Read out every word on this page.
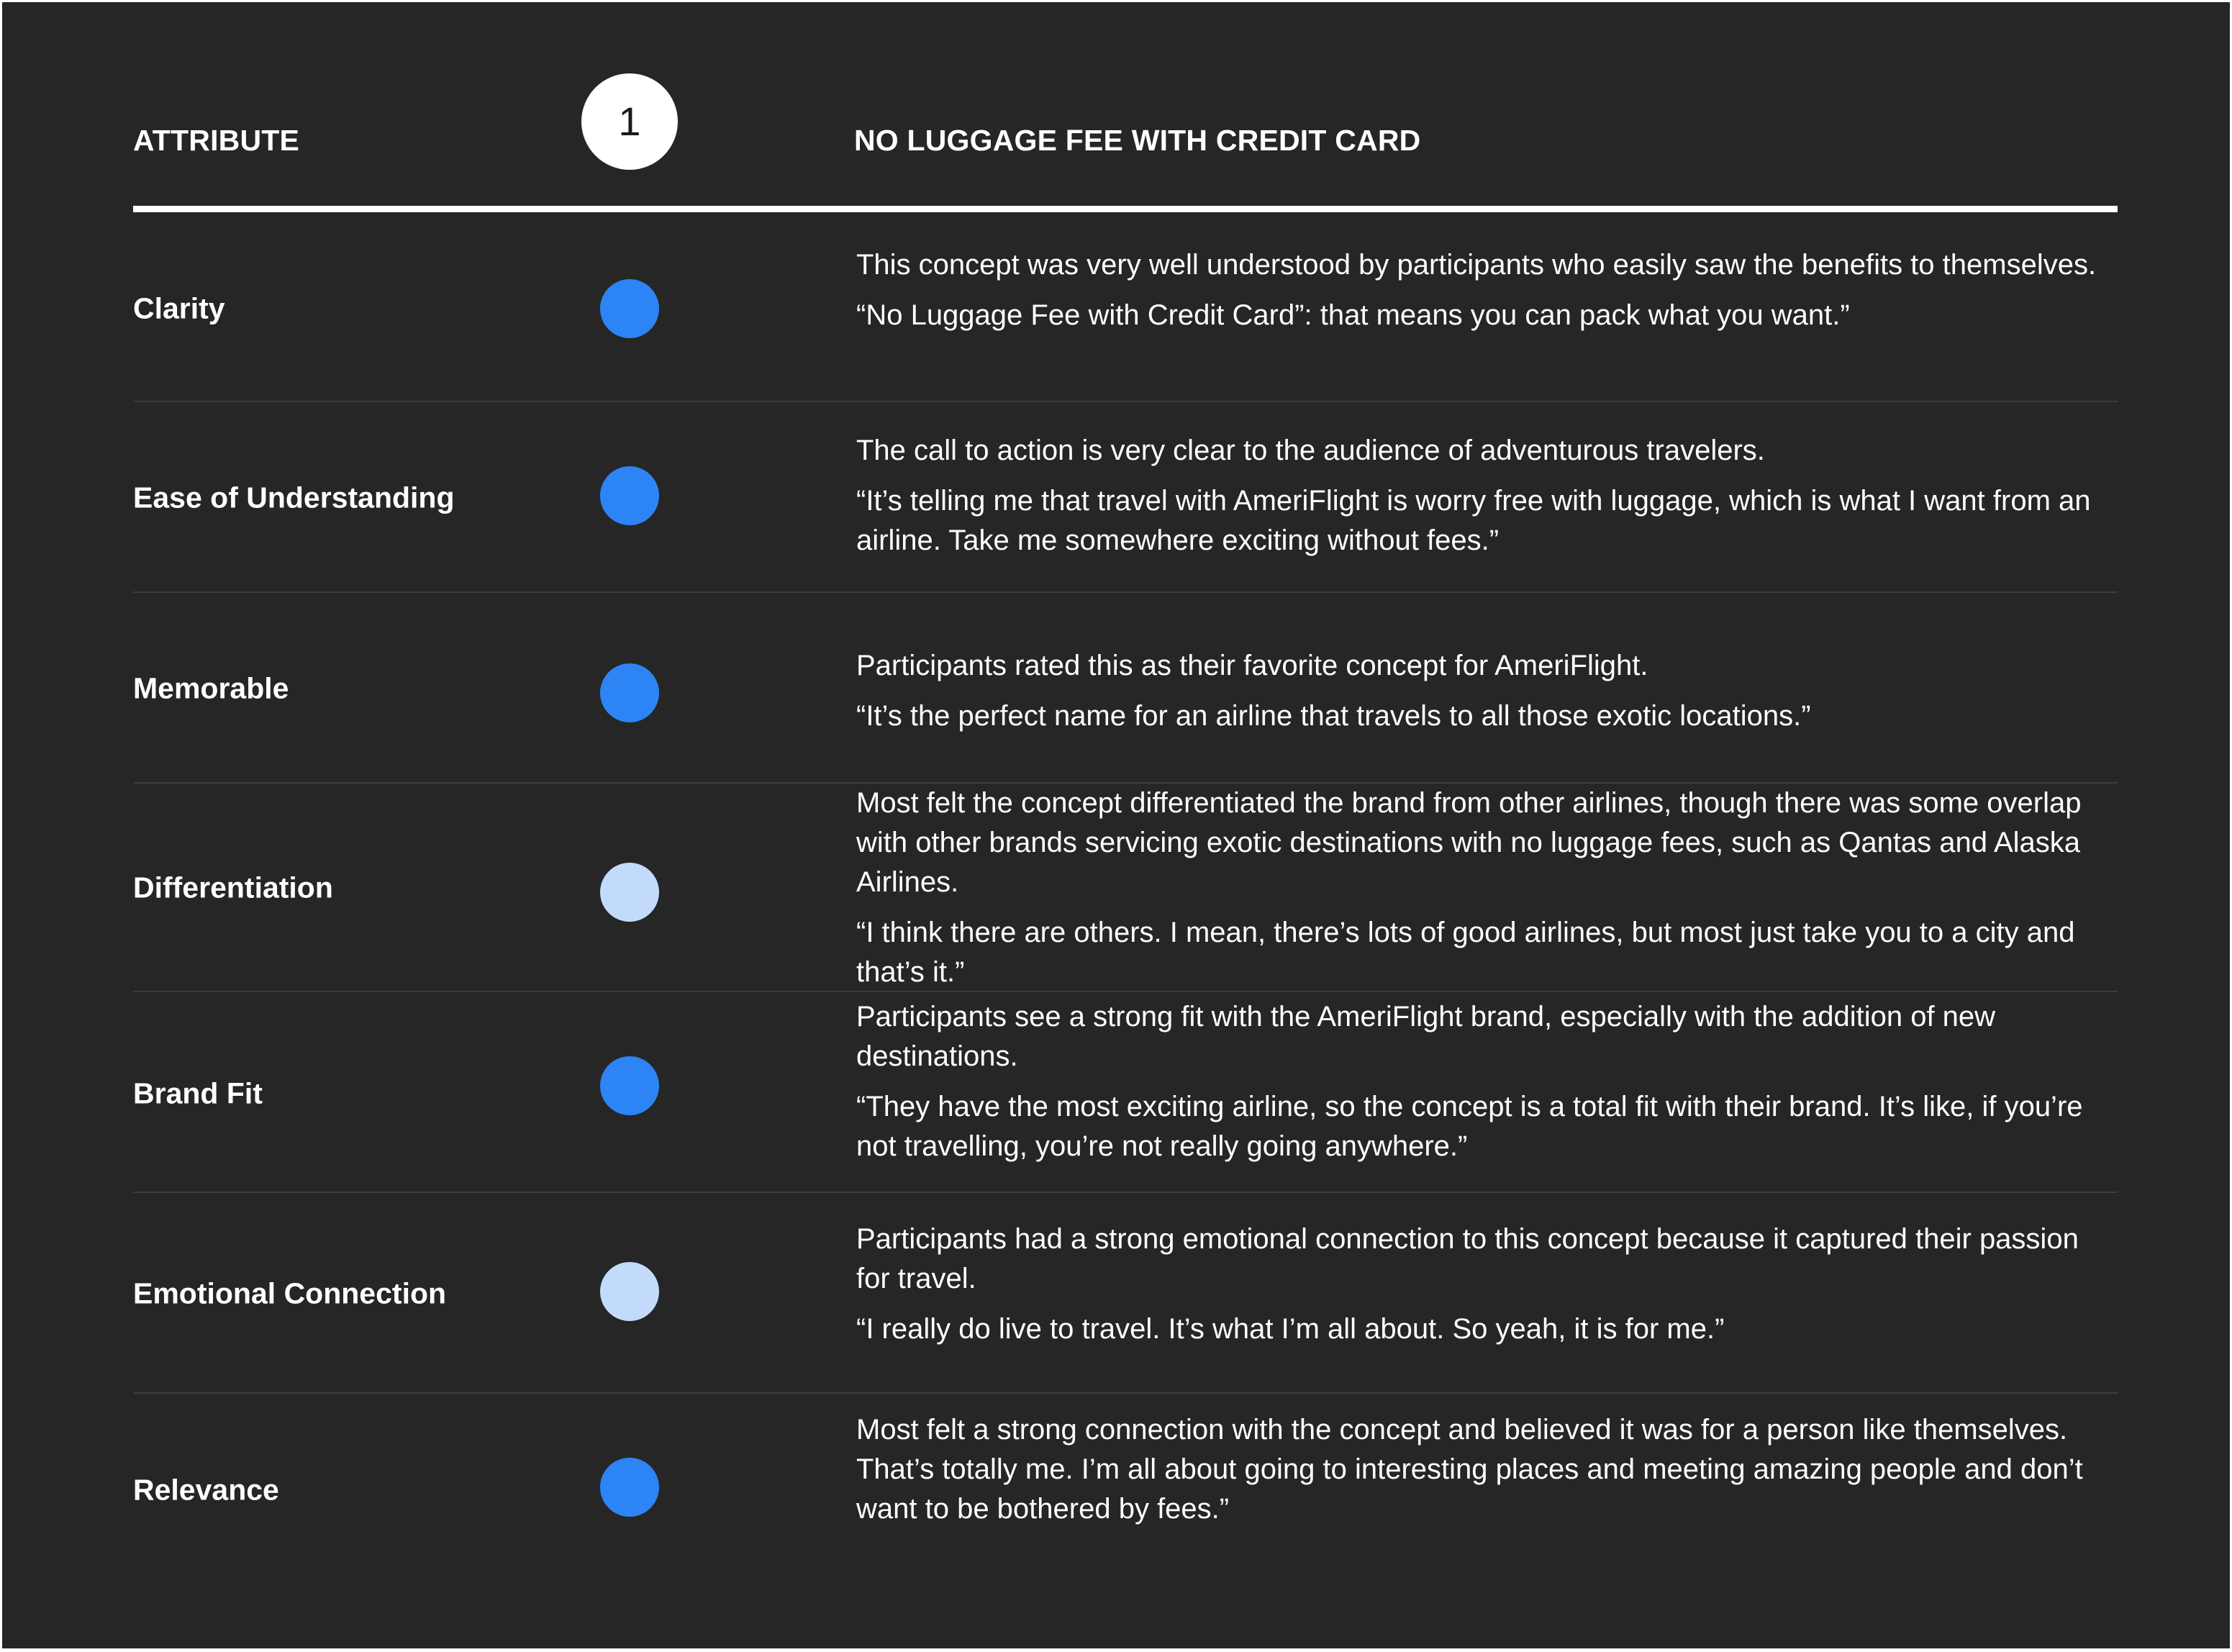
ATTRIBUTE	1	NO LUGGAGE FEE WITH CREDIT CARD
Clarity

This concept was very well understood by participants who easily saw the benefits to themselves.

“No Luggage Fee with Credit Card”: that means you can pack what you want.”

Ease of Understanding

The call to action is very clear to the audience of adventurous travelers.

“It’s telling me that travel with AmeriFlight is worry free with luggage, which is what I want from an airline. Take me somewhere exciting without fees.”

Memorable

Participants rated this as their favorite concept for AmeriFlight.

“It’s the perfect name for an airline that travels to all those exotic locations.”

Differentiation

Most felt the concept differentiated the brand from other airlines, though there was some overlap with other brands servicing exotic destinations with no luggage fees, such as Qantas and Alaska Airlines.

“I think there are others. I mean, there’s lots of good airlines, but most just take you to a city and that’s it.”

Brand Fit

Participants see a strong fit with the AmeriFlight brand, especially with the addition of new destinations.

“They have the most exciting airline, so the concept is a total fit with their brand. It’s like, if you’re not travelling, you’re not really going anywhere.”

Emotional Connection

Participants had a strong emotional connection to this concept because it captured their passion for travel.

“I really do live to travel. It’s what I’m all about. So yeah, it is for me.”

Relevance

Most felt a strong connection with the concept and believed it was for a person like themselves.

That’s totally me. I’m all about going to interesting places and meeting amazing people and don’t want to be bothered by fees.”
